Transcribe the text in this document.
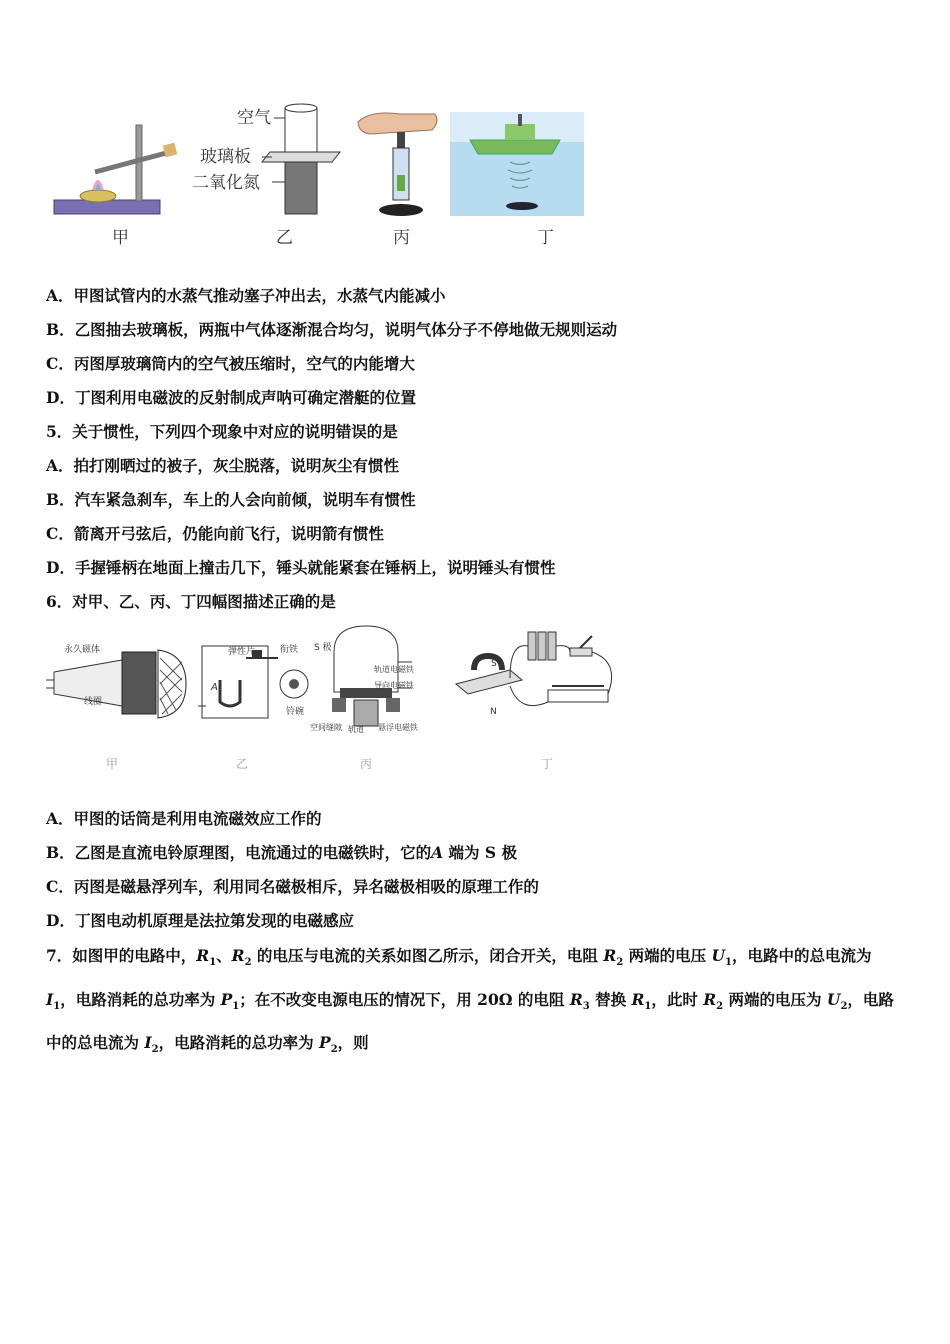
空气
玻璃板
二氧化氮
甲	乙	丙	丁
A．甲图试管内的水蒸气推动塞子冲出去，水蒸气内能减小
B．乙图抽去玻璃板，两瓶中气体逐渐混合均匀，说明气体分子不停地做无规则运动
C．丙图厚玻璃筒内的空气被压缩时，空气的内能增大
D．丁图利用电磁波的反射制成声呐可确定潜艇的位置
5．关于惯性，下列四个现象中对应的说明错误的是
A．拍打刚晒过的被子，灰尘脱落，说明灰尘有惯性
B．汽车紧急刹车，车上的人会向前倾，说明车有惯性
C．箭离开弓弦后，仍能向前飞行，说明箭有惯性
D．手握锤柄在地面上撞击几下，锤头就能紧套在锤柄上，说明锤头有惯性
6．对甲、乙、丙、丁四幅图描述正确的是
永久磁体
线圈
弹性片	衔铁
A
铃碗
S 极
轨道电磁铁
导向电磁铁
空间缝隙 轨道 悬浮电磁铁
S
N
甲	乙	丙	丁
A．甲图的话筒是利用电流磁效应工作的
B．乙图是直流电铃原理图，电流通过的电磁铁时，它的A 端为 S 极
C．丙图是磁悬浮列车，利用同名磁极相斥，异名磁极相吸的原理工作的
D．丁图电动机原理是法拉第发现的电磁感应

7．如图甲的电路中，$R_1$、$R_2$ 的电压与电流的关系如图乙所示，闭合开关，电阻 $R_2$ 两端的电压 $U_1$，电路中的总电流为

$I_1$，电路消耗的总功率为 $P_1$；在不改变电源电压的情况下，用 20Ω 的电阻 $R_3$ 替换 $R_1$，此时 $R_2$ 两端的电压为 $U_2$，电路

中的总电流为 $I_2$，电路消耗的总功率为 $P_2$，则
